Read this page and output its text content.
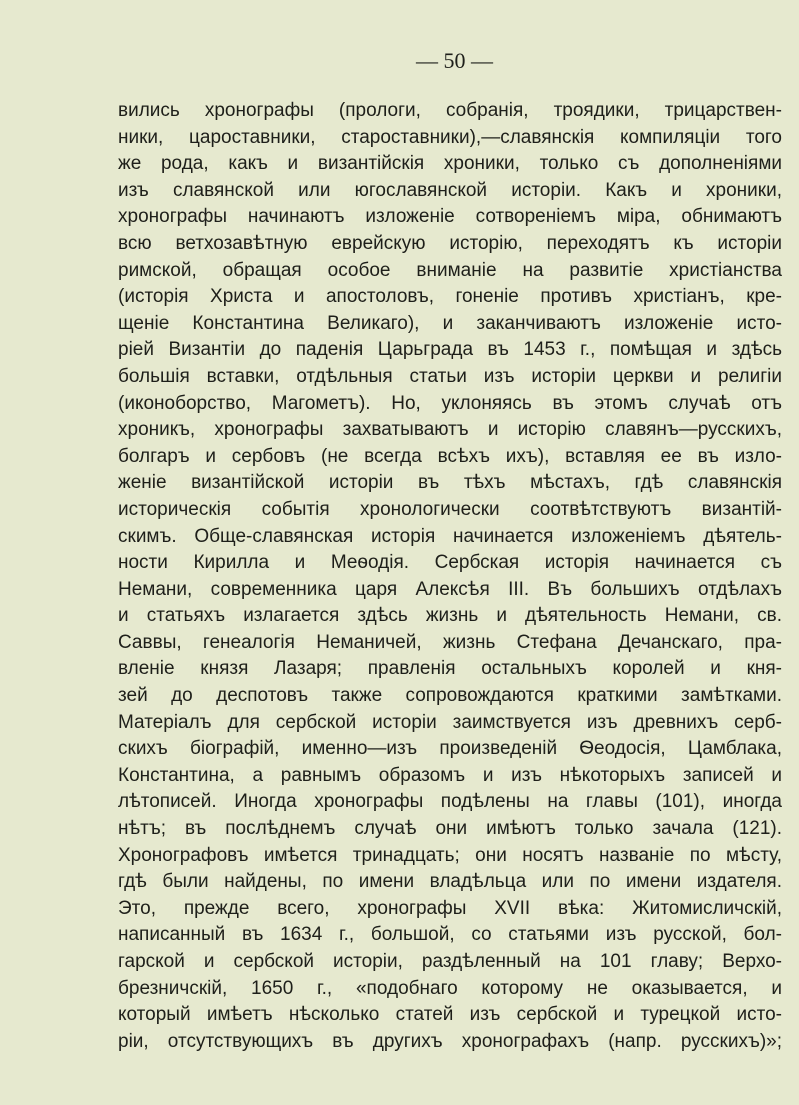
— 50 —
вились хронографы (прологи, собранія, троядики, трицарствен-
ники, цароставники, староставники),—славянскія компиляціи того
же рода, какъ и византійскія хроники, только съ дополненіями
изъ славянской или югославянской исторіи. Какъ и хроники,
хронографы начинаютъ изложеніе сотвореніемъ міра, обнимаютъ
всю ветхозавѣтную еврейскую исторію, переходятъ къ исторіи
римской, обращая особое вниманіе на развитіе христіанства
(исторія Христа и апостоловъ, гоненіе противъ христіанъ, кре-
щеніе Константина Великаго), и заканчиваютъ изложеніе исто-
ріей Византіи до паденія Царьграда въ 1453 г., помѣщая и здѣсь
большія вставки, отдѣльныя статьи изъ исторіи церкви и религіи
(иконоборство, Магометъ). Но, уклоняясь въ этомъ случаѣ отъ
хроникъ, хронографы захватываютъ и исторію славянъ—русскихъ,
болгаръ и сербовъ (не всегда всѣхъ ихъ), вставляя ее въ изло-
женіе византійской исторіи въ тѣхъ мѣстахъ, гдѣ славянскія
историческія событія хронологически соотвѣтствуютъ византій-
скимъ. Обще-славянская исторія начинается изложеніемъ дѣятель-
ности Кирилла и Меѳодія. Сербская исторія начинается съ
Немани, современника царя Алексѣя III. Въ большихъ отдѣлахъ
и статьяхъ излагается здѣсь жизнь и дѣятельность Немани, св.
Саввы, генеалогія Неманичей, жизнь Стефана Дечанскаго, пра-
вленіе князя Лазаря; правленія остальныхъ королей и кня-
зей до деспотовъ также сопровождаются краткими замѣтками.
Матеріалъ для сербской исторіи заимствуется изъ древнихъ серб-
скихъ біографій, именно—изъ произведеній Ѳеодосія, Цамблака,
Константина, а равнымъ образомъ и изъ нѣкоторыхъ записей и
лѣтописей. Иногда хронографы подѣлены на главы (101), иногда
нѣтъ; въ послѣднемъ случаѣ они имѣютъ только зачала (121).
Хронографовъ имѣется тринадцать; они носятъ названіе по мѣсту,
гдѣ были найдены, по имени владѣльца или по имени издателя.
Это, прежде всего, хронографы XVII вѣка: Житомисличскій,
написанный въ 1634 г., большой, со статьями изъ русской, бол-
гарской и сербской исторіи, раздѣленный на 101 главу; Верхо-
брезничскій, 1650 г., «подобнаго которому не оказывается, и
который имѣетъ нѣсколько статей изъ сербской и турецкой исто-
ріи, отсутствующихъ въ другихъ хронографахъ (напр. русскихъ)»;
